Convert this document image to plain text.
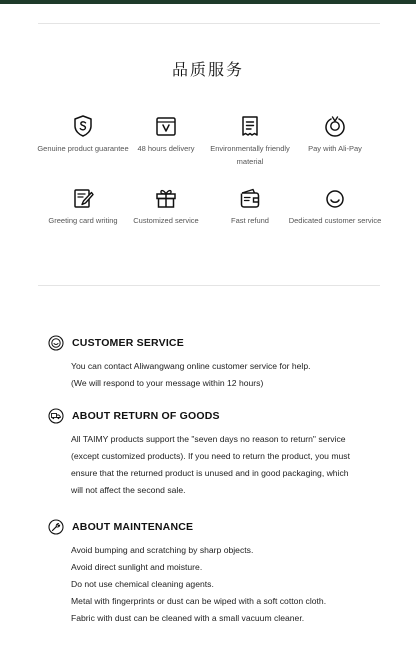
品质服务
Genuine product guarantee	48 hours delivery	Environmentally friendly material
Pay with Ali-Pay
Greeting card writing	Customized service	Fast refund	Dedicated customer service
CUSTOMER SERVICE

You can contact Aliwangwang online customer service for help.

(We will respond to your message within 12 hours)

ABOUT RETURN OF GOODS

All TAIMY products support the "seven days no reason to return" service

(except customized products). If you need to return the product, you must

ensure that the returned product is unused and in good packaging, which

will not affect the second sale.

ABOUT MAINTENANCE

Avoid bumping and scratching by sharp objects.

Avoid direct sunlight and moisture.

Do not use chemical cleaning agents.

Metal with fingerprints or dust can be wiped with a soft cotton cloth.

Fabric with dust can be cleaned with a small vacuum cleaner.
